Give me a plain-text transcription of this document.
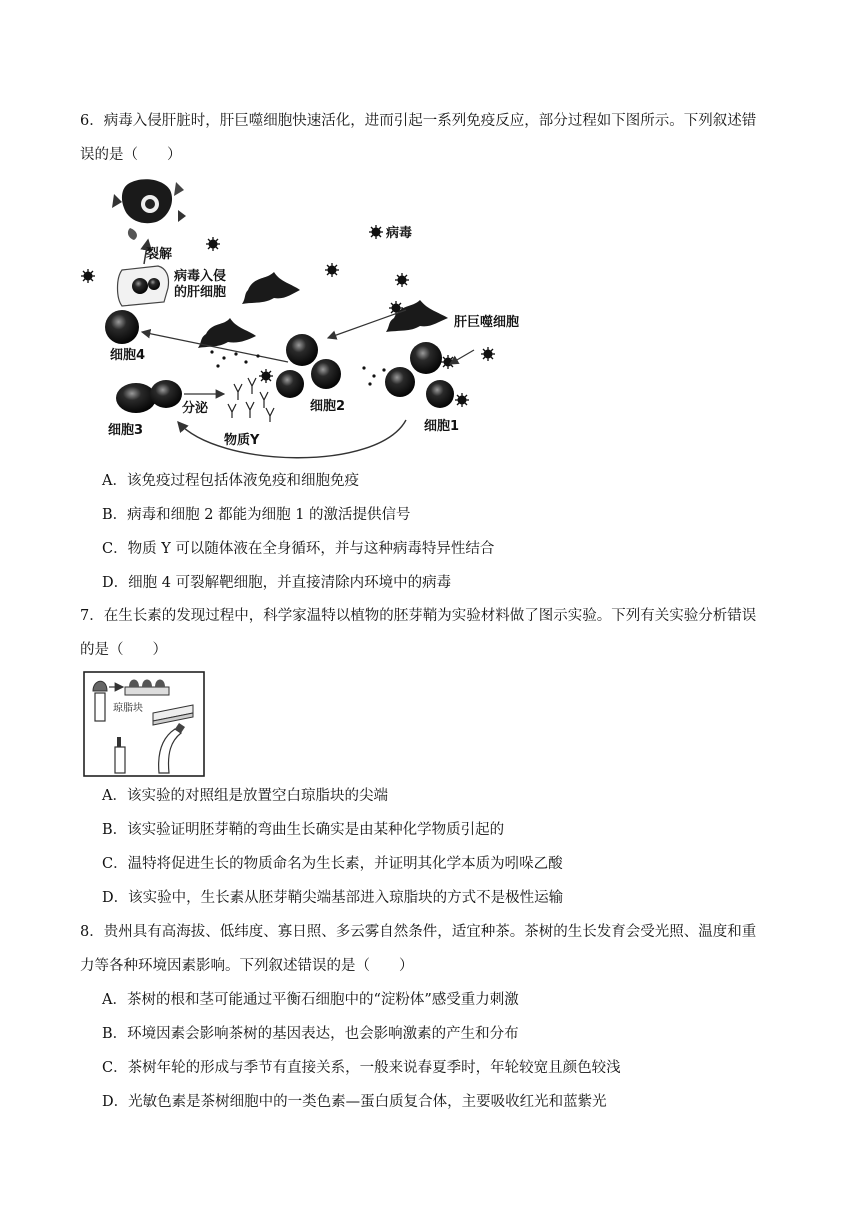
6．病毒入侵肝脏时，肝巨噬细胞快速活化，进而引起一系列免疫反应，部分过程如下图所示。下列叙述错
误的是（　　）
裂解
病毒入侵
的肝细胞
病毒
肝巨噬细胞
细胞4
细胞2
细胞1
细胞3
分泌
物质Y
A．该免疫过程包括体液免疫和细胞免疫
B．病毒和细胞 2 都能为细胞 1 的激活提供信号
C．物质 Y 可以随体液在全身循环，并与这种病毒特异性结合
D．细胞 4 可裂解靶细胞，并直接清除内环境中的病毒
7．在生长素的发现过程中，科学家温特以植物的胚芽鞘为实验材料做了图示实验。下列有关实验分析错误
的是（　　）
琼脂块
A．该实验的对照组是放置空白琼脂块的尖端
B．该实验证明胚芽鞘的弯曲生长确实是由某种化学物质引起的
C．温特将促进生长的物质命名为生长素，并证明其化学本质为吲哚乙酸
D．该实验中，生长素从胚芽鞘尖端基部进入琼脂块的方式不是极性运输
8．贵州具有高海拔、低纬度、寡日照、多云雾自然条件，适宜种茶。茶树的生长发育会受光照、温度和重
力等各种环境因素影响。下列叙述错误的是（　　）
A．茶树的根和茎可能通过平衡石细胞中的“淀粉体”感受重力刺激
B．环境因素会影响茶树的基因表达，也会影响激素的产生和分布
C．茶树年轮的形成与季节有直接关系，一般来说春夏季时，年轮较宽且颜色较浅
D．光敏色素是茶树细胞中的一类色素—蛋白质复合体，主要吸收红光和蓝紫光
